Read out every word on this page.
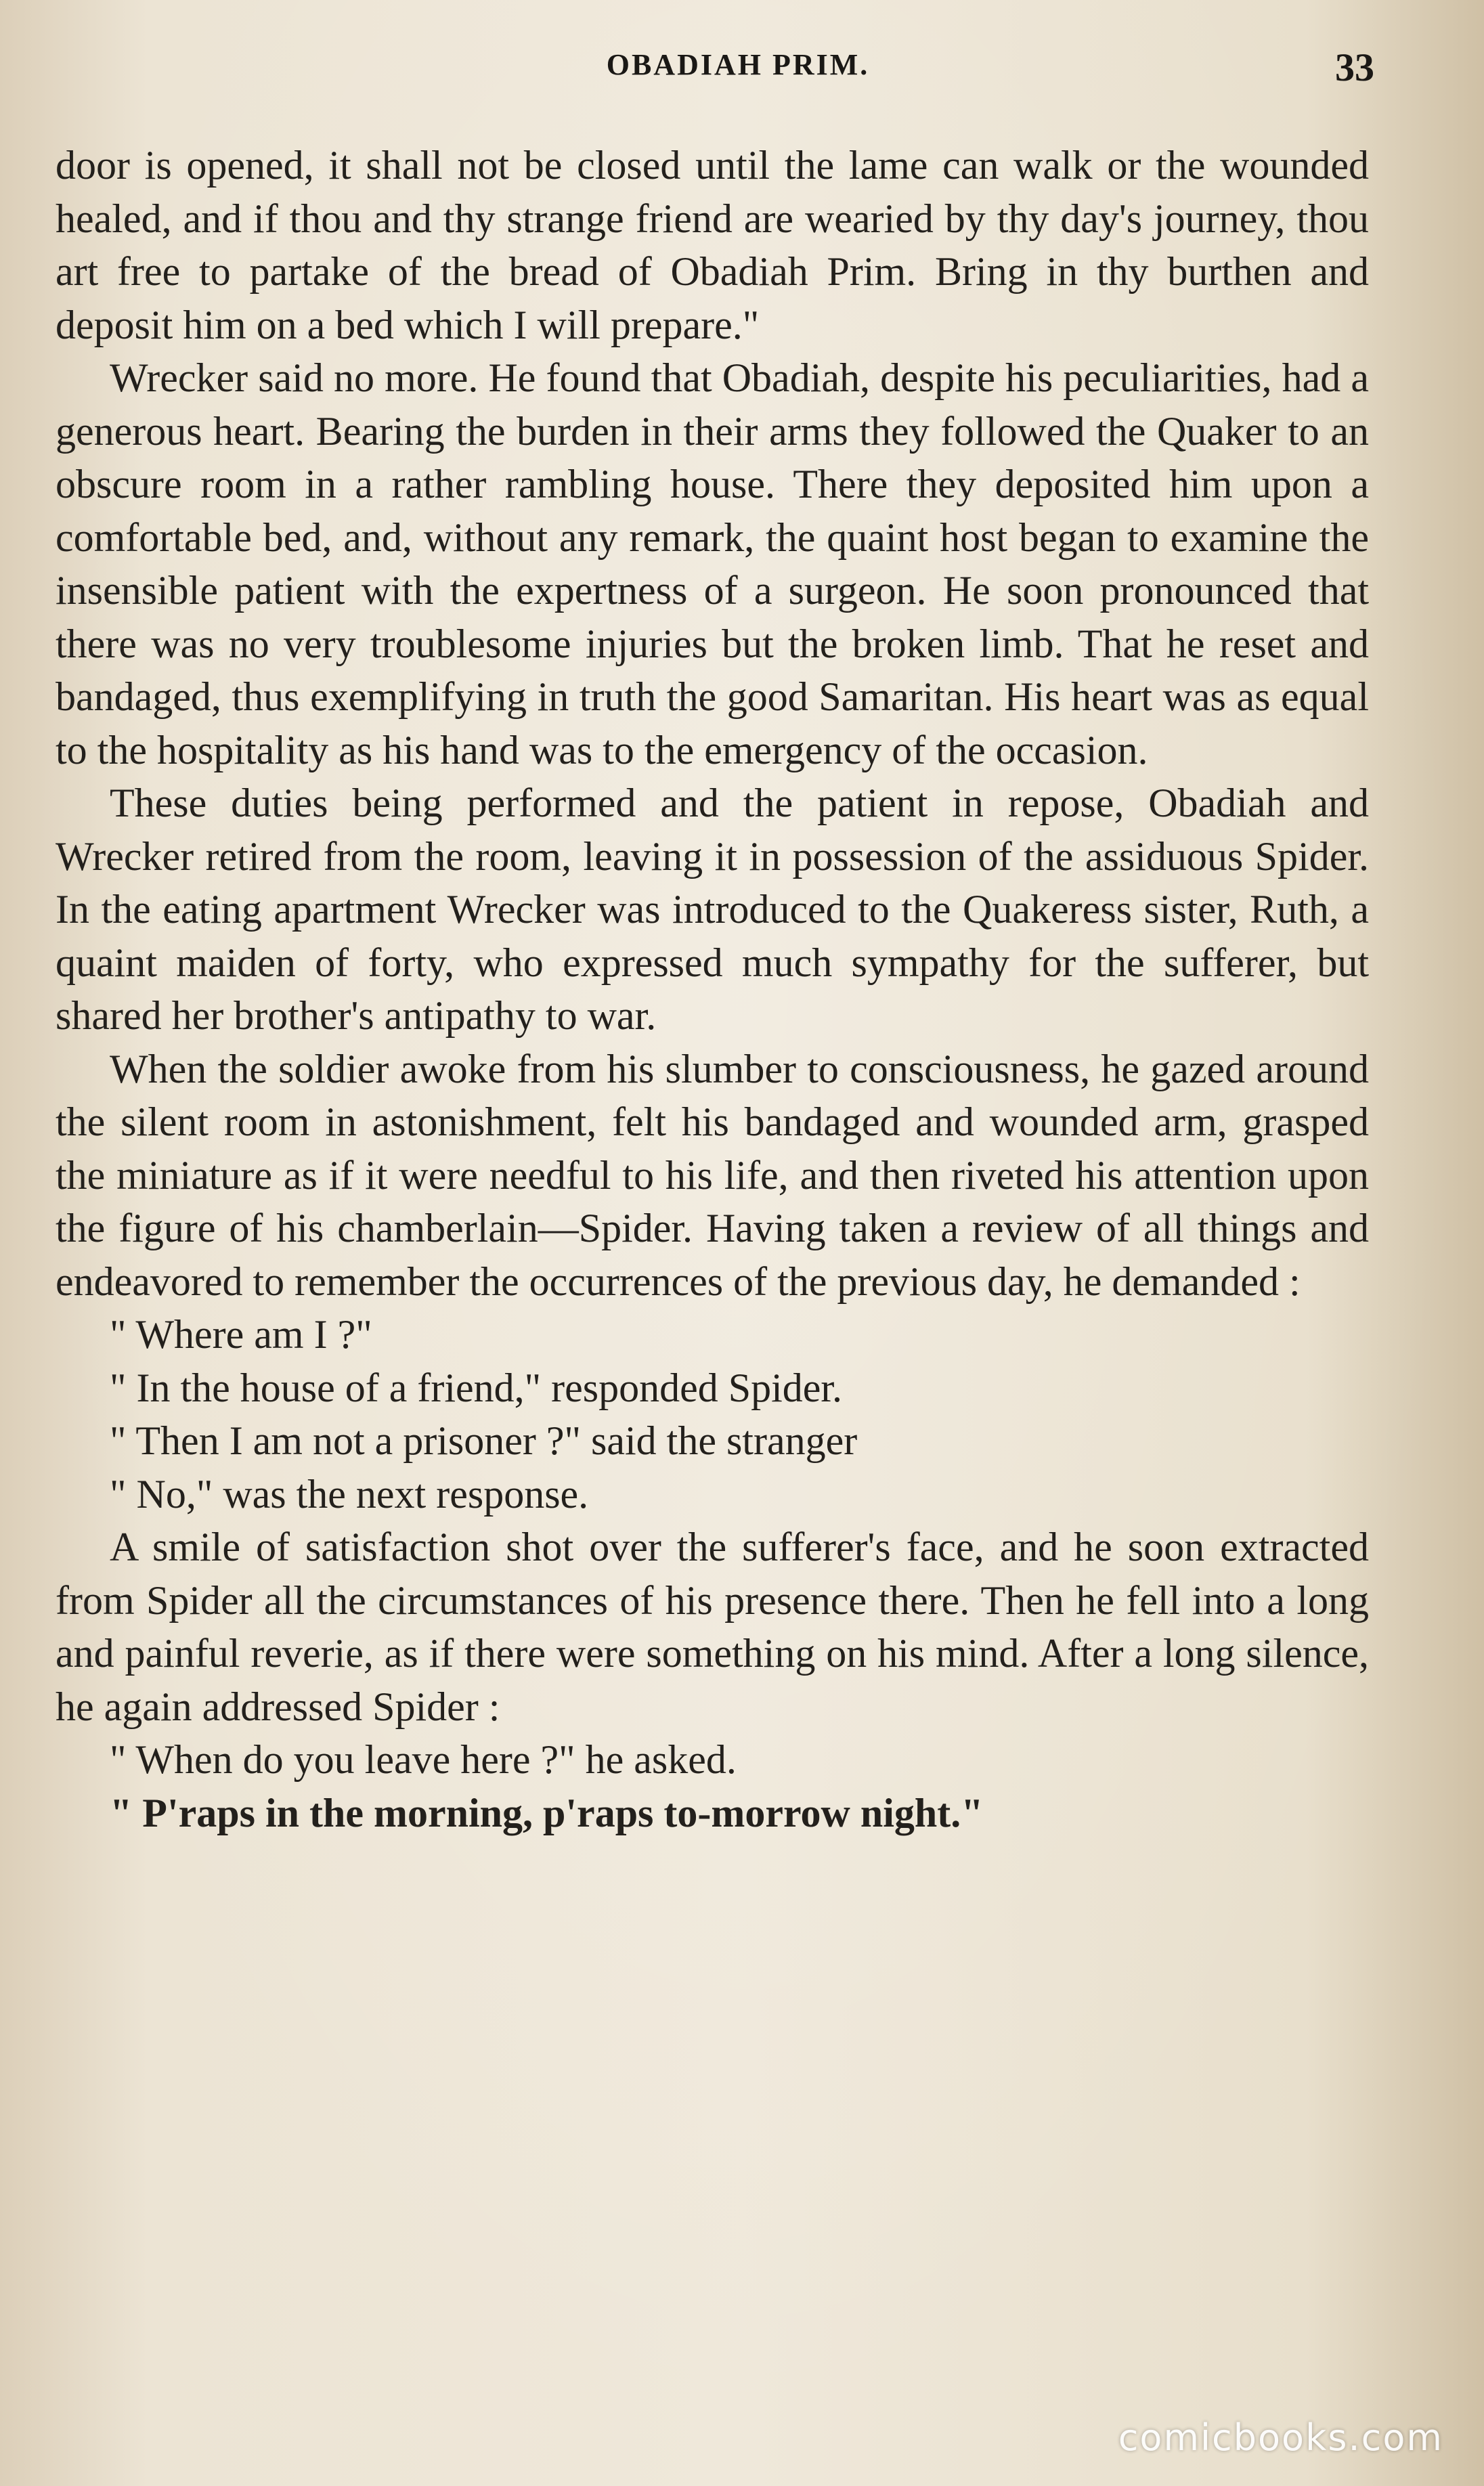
OBADIAH PRIM.	33

door is opened, it shall not be closed until the lame can walk or the wounded healed, and if thou and thy strange friend are wearied by thy day's journey, thou art free to partake of the bread of Obadiah Prim. Bring in thy burthen and deposit him on a bed which I will prepare."

Wrecker said no more. He found that Obadiah, despite his peculiarities, had a generous heart. Bearing the burden in their arms they followed the Quaker to an obscure room in a rather rambling house. There they deposited him upon a comfortable bed, and, without any remark, the quaint host began to examine the insensible patient with the expertness of a surgeon. He soon pronounced that there was no very troublesome injuries but the broken limb. That he reset and bandaged, thus exemplifying in truth the good Samaritan. His heart was as equal to the hospitality as his hand was to the emergency of the occasion.

These duties being performed and the patient in repose, Obadiah and Wrecker retired from the room, leaving it in possession of the assiduous Spider. In the eating apartment Wrecker was introduced to the Quakeress sister, Ruth, a quaint maiden of forty, who expressed much sympathy for the sufferer, but shared her brother's antipathy to war.

When the soldier awoke from his slumber to consciousness, he gazed around the silent room in astonishment, felt his bandaged and wounded arm, grasped the miniature as if it were needful to his life, and then riveted his attention upon the figure of his chamberlain—Spider. Having taken a review of all things and endeavored to remember the occurrences of the previous day, he demanded :

" Where am I ?"

" In the house of a friend," responded Spider.

" Then I am not a prisoner ?" said the stranger

" No," was the next response.

A smile of satisfaction shot over the sufferer's face, and he soon extracted from Spider all the circumstances of his presence there. Then he fell into a long and painful reverie, as if there were something on his mind. After a long silence, he again addressed Spider :

" When do you leave here ?" he asked.

" P'raps in the morning, p'raps to-morrow night."

comicbooks.com
